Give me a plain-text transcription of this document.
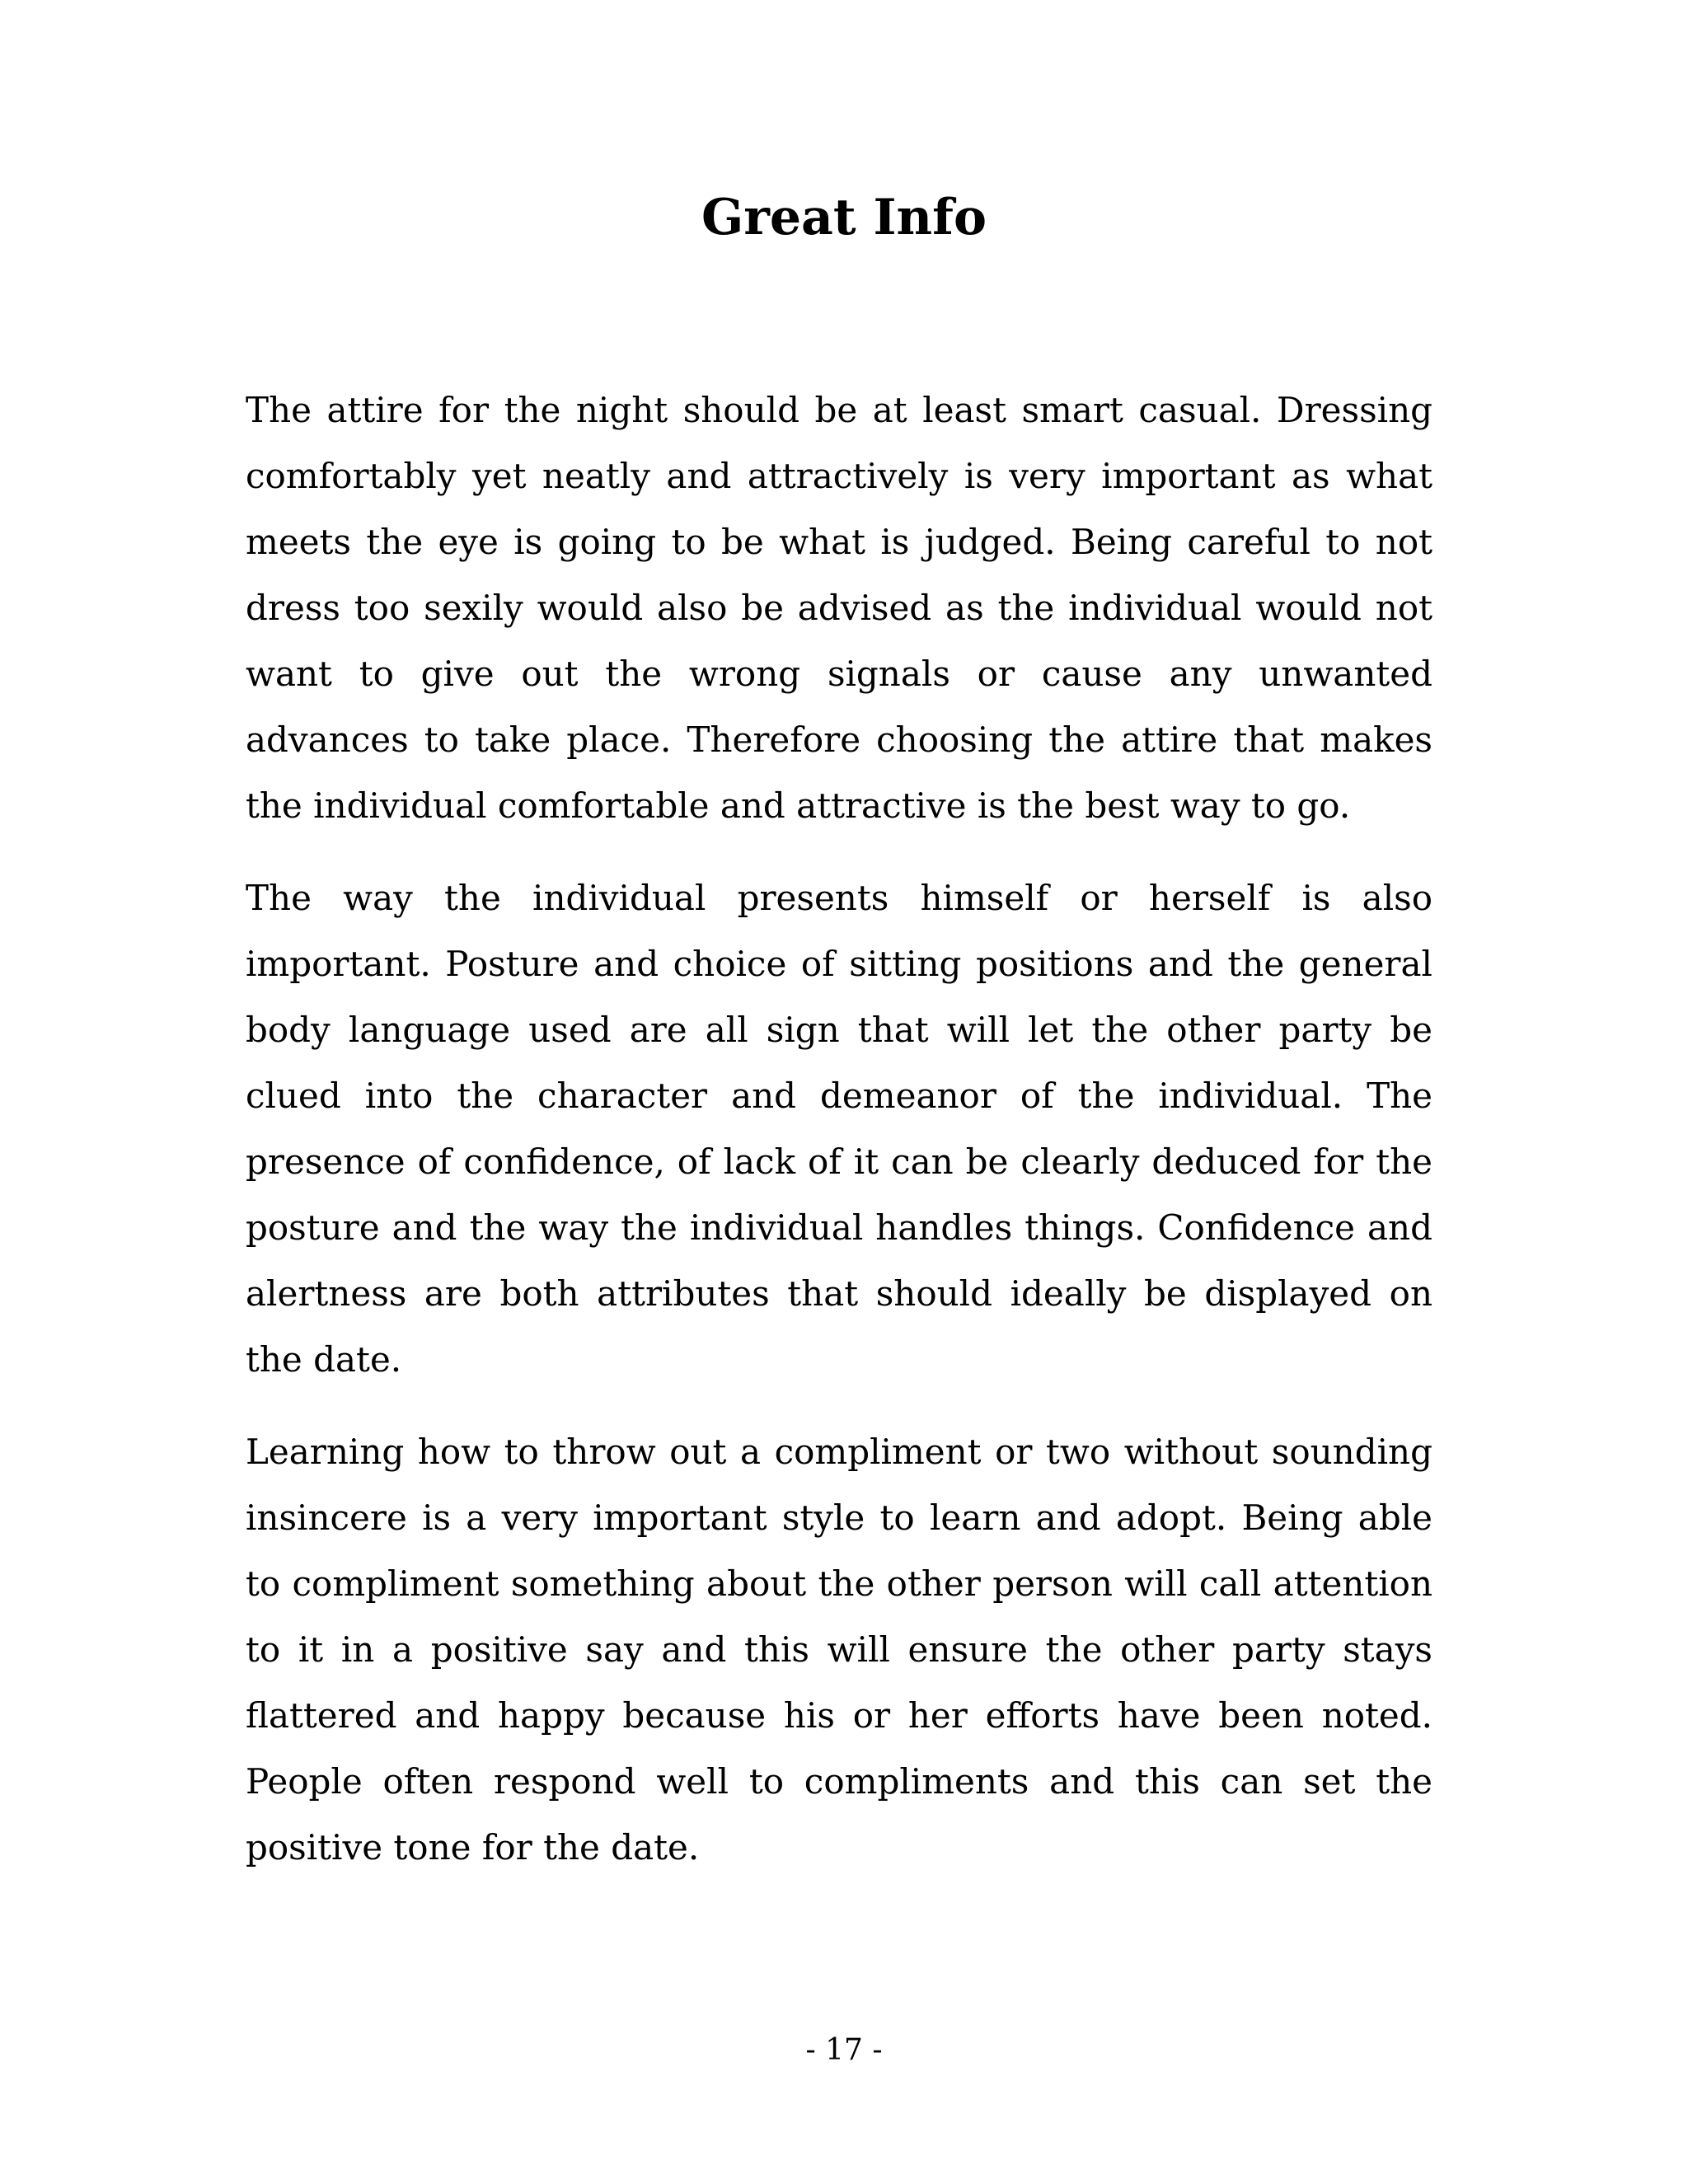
Great Info

The attire for the night should be at least smart casual. Dressing comfortably yet neatly and attractively is very important as what meets the eye is going to be what is judged. Being careful to not dress too sexily would also be advised as the individual would not want to give out the wrong signals or cause any unwanted advances to take place. Therefore choosing the attire that makes the individual comfortable and attractive is the best way to go.

The way the individual presents himself or herself is also important. Posture and choice of sitting positions and the general body language used are all sign that will let the other party be clued into the character and demeanor of the individual. The presence of confidence, of lack of it can be clearly deduced for the posture and the way the individual handles things. Confidence and alertness are both attributes that should ideally be displayed on the date.

Learning how to throw out a compliment or two without sounding insincere is a very important style to learn and adopt. Being able to compliment something about the other person will call attention to it in a positive say and this will ensure the other party stays flattered and happy because his or her efforts have been noted. People often respond well to compliments and this can set the positive tone for the date.

- 17 -
